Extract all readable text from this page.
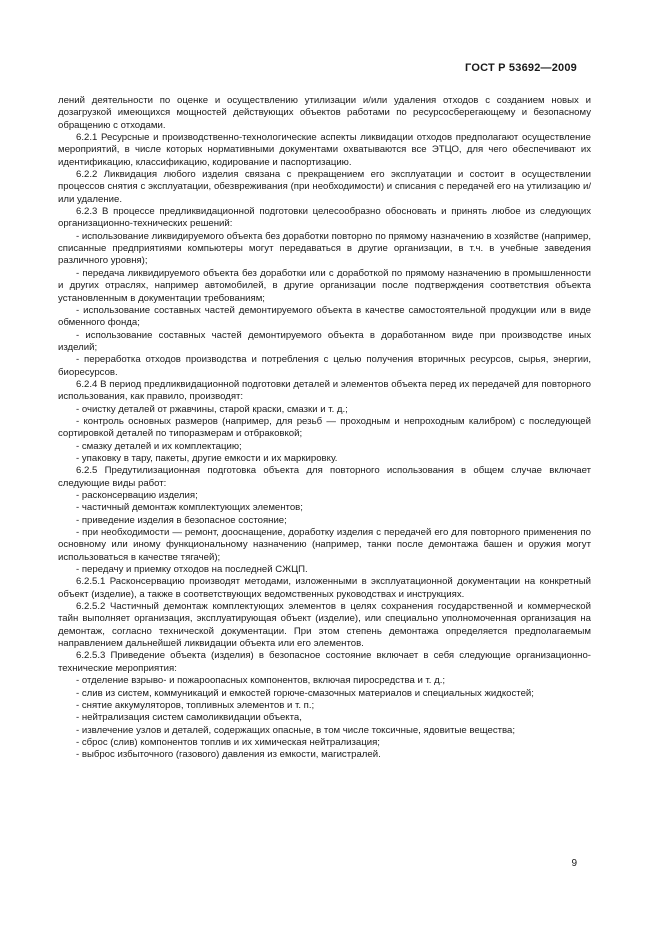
ГОСТ Р 53692—2009

лений деятельности по оценке и осуществлению утилизации и/или удаления отходов с созданием новых и дозагрузкой имеющихся мощностей действующих объектов работами по ресурсосберегающему и безопасному обращению с отходами.

6.2.1 Ресурсные и производственно-технологические аспекты ликвидации отходов предполагают осуществление мероприятий, в числе которых нормативными документами охватываются все ЭТЦО, для чего обеспечивают их идентификацию, классификацию, кодирование и паспортизацию.

6.2.2 Ликвидация любого изделия связана с прекращением его эксплуатации и состоит в осуществлении процессов снятия с эксплуатации, обезвреживания (при необходимости) и списания с передачей его на утилизацию и/или удаление.

6.2.3 В процессе предликвидационной подготовки целесообразно обосновать и принять любое из следующих организационно-технических решений:

- использование ликвидируемого объекта без доработки повторно по прямому назначению в хозяйстве (например, списанные предприятиями компьютеры могут передаваться в другие организации, в т.ч. в учебные заведения различного уровня);

- передача ликвидируемого объекта без доработки или с доработкой по прямому назначению в промышленности и других отраслях, например автомобилей, в другие организации после подтверждения соответствия объекта установленным в документации требованиям;

- использование составных частей демонтируемого объекта в качестве самостоятельной продукции или в виде обменного фонда;

- использование составных частей демонтируемого объекта в доработанном виде при производстве иных изделий;

- переработка отходов производства и потребления с целью получения вторичных ресурсов, сырья, энергии, биоресурсов.

6.2.4 В период предликвидационной подготовки деталей и элементов объекта перед их передачей для повторного использования, как правило, производят:

- очистку деталей от ржавчины, старой краски, смазки и т. д.;

- контроль основных размеров (например, для резьб — проходным и непроходным калибром) с последующей сортировкой деталей по типоразмерам и отбраковкой;

- смазку деталей и их комплектацию;

- упаковку в тару, пакеты, другие емкости и их маркировку.

6.2.5 Предутилизационная подготовка объекта для повторного использования в общем случае включает следующие виды работ:

- расконсервацию изделия;

- частичный демонтаж комплектующих элементов;

- приведение изделия в безопасное состояние;

- при необходимости — ремонт, дооснащение, доработку изделия с передачей его для повторного применения по основному или иному функциональному назначению (например, танки после демонтажа башен и оружия могут использоваться в качестве тягачей);

- передачу и приемку отходов на последней СЖЦП.

6.2.5.1 Расконсервацию производят методами, изложенными в эксплуатационной документации на конкретный объект (изделие), а также в соответствующих ведомственных руководствах и инструкциях.

6.2.5.2 Частичный демонтаж комплектующих элементов в целях сохранения государственной и коммерческой тайн выполняет организация, эксплуатирующая объект (изделие), или специально уполномоченная организация на демонтаж, согласно технической документации. При этом степень демонтажа определяется предполагаемым направлением дальнейшей ликвидации объекта или его элементов.

6.2.5.3 Приведение объекта (изделия) в безопасное состояние включает в себя следующие организационно-технические мероприятия:

- отделение взрыво- и пожароопасных компонентов, включая пиросредства и т. д.;

- слив из систем, коммуникаций и емкостей горюче-смазочных материалов и специальных жидкостей;

- снятие аккумуляторов, топливных элементов и т. п.;

- нейтрализация систем самоликвидации объекта,

- извлечение узлов и деталей, содержащих опасные, в том числе токсичные, ядовитые вещества;

- сброс (слив) компонентов топлив и их химическая нейтрализация;

- выброс избыточного (газового) давления из емкости, магистралей.

9
